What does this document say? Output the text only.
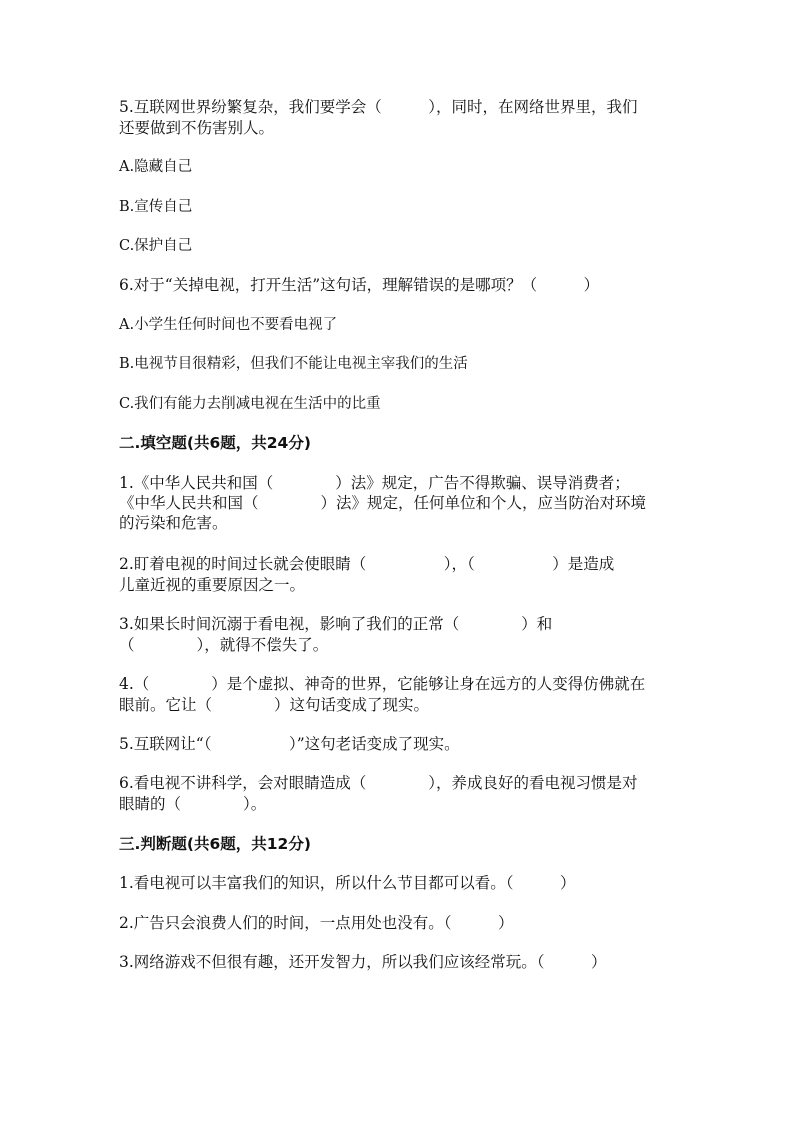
5.互联网世界纷繁复杂，我们要学会（　　　），同时，在网络世界里，我们
还要做到不伤害别人。
A.隐藏自己
B.宣传自己
C.保护自己
6.对于“关掉电视，打开生活”这句话，理解错误的是哪项？（　　　）
A.小学生任何时间也不要看电视了
B.电视节目很精彩，但我们不能让电视主宰我们的生活
C.我们有能力去削减电视在生活中的比重
二.填空题(共6题，共24分)
1.《中华人民共和国（　　　　）法》规定，广告不得欺骗、误导消费者；
《中华人民共和国（　　　　）法》规定，任何单位和个人，应当防治对环境
的污染和危害。
2.盯着电视的时间过长就会使眼睛（　　　　　），（　　　　　）是造成
儿童近视的重要原因之一。
3.如果长时间沉溺于看电视，影响了我们的正常（　　　　）和
（　　　　），就得不偿失了。
4.（　　　　）是个虚拟、神奇的世界，它能够让身在远方的人变得仿佛就在
眼前。它让（　　　　）这句话变成了现实。
5.互联网让“（　　　　　）”这句老话变成了现实。
6.看电视不讲科学，会对眼睛造成（　　　　），养成良好的看电视习惯是对
眼睛的（　　　　）。
三.判断题(共6题，共12分)
1.看电视可以丰富我们的知识，所以什么节目都可以看。（　　　）
2.广告只会浪费人们的时间，一点用处也没有。（　　　）
3.网络游戏不但很有趣，还开发智力，所以我们应该经常玩。（　　　）
